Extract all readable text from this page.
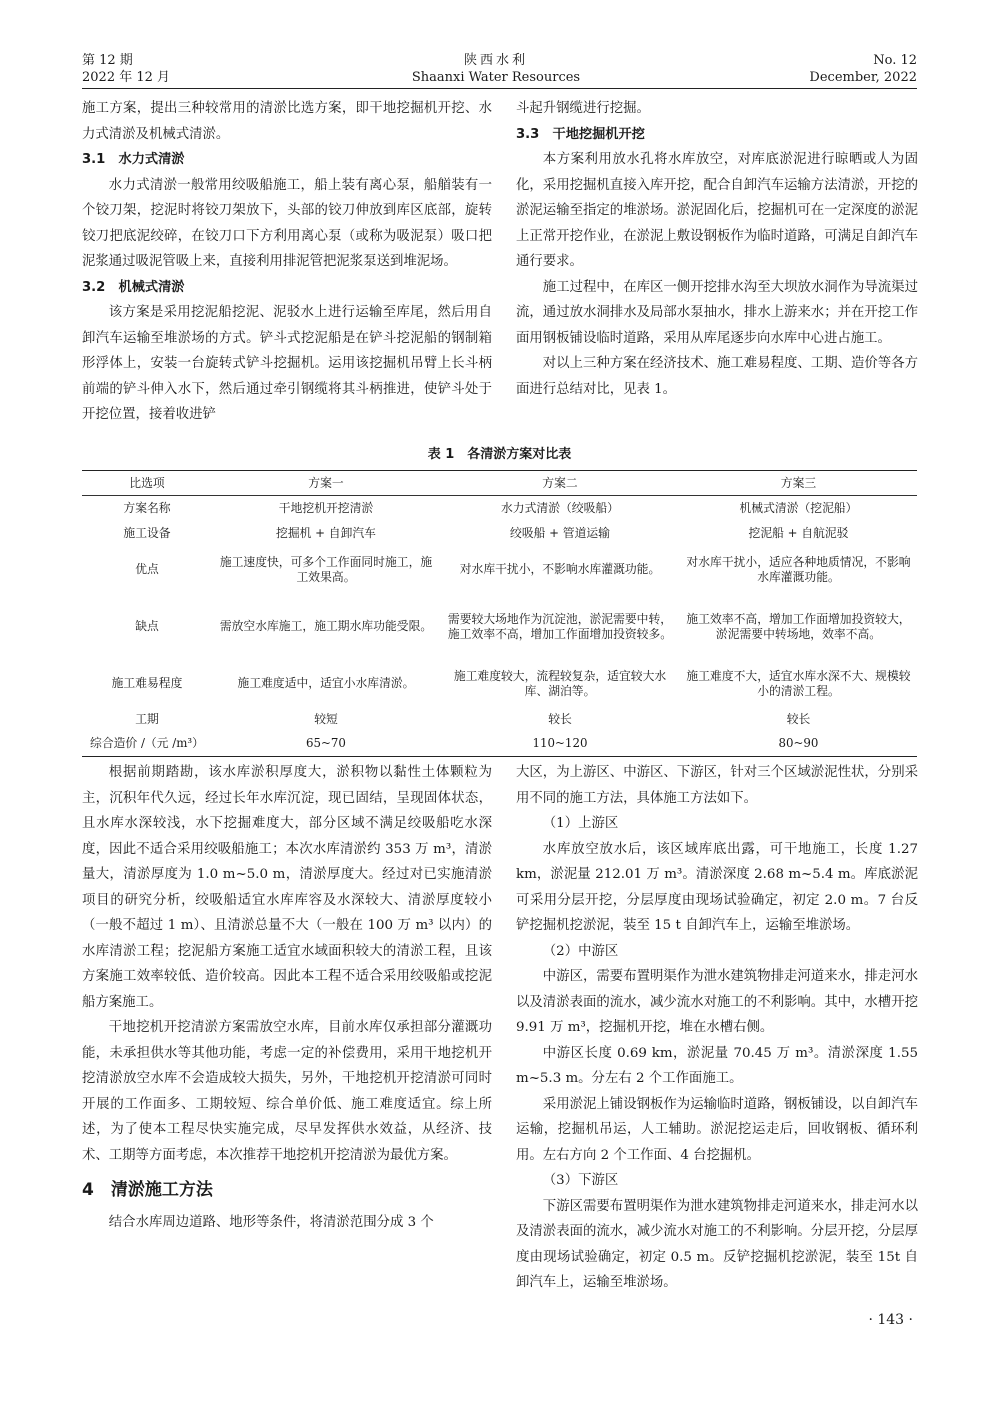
第 12 期
2022 年 12 月
陕西水利
Shaanxi Water Resources
No. 12
December, 2022

施工方案，提出三种较常用的清淤比选方案，即干地挖掘机开挖、水力式清淤及机械式清淤。

3.1　水力式清淤

水力式清淤一般常用绞吸船施工，船上装有离心泵，船艏装有一个铰刀架，挖泥时将铰刀架放下，头部的铰刀伸放到库区底部，旋转铰刀把底泥绞碎，在铰刀口下方利用离心泵（或称为吸泥泵）吸口把泥浆通过吸泥管吸上来，直接利用排泥管把泥浆泵送到堆泥场。

3.2　机械式清淤

该方案是采用挖泥船挖泥、泥驳水上进行运输至库尾，然后用自卸汽车运输至堆淤场的方式。铲斗式挖泥船是在铲斗挖泥船的钢制箱形浮体上，安装一台旋转式铲斗挖掘机。运用该挖掘机吊臂上长斗柄前端的铲斗伸入水下，然后通过牵引钢缆将其斗柄推进，使铲斗处于开挖位置，接着收进铲

斗起升钢缆进行挖掘。

3.3　干地挖掘机开挖

本方案利用放水孔将水库放空，对库底淤泥进行晾晒或人为固化，采用挖掘机直接入库开挖，配合自卸汽车运输方法清淤，开挖的淤泥运输至指定的堆淤场。淤泥固化后，挖掘机可在一定深度的淤泥上正常开挖作业，在淤泥上敷设钢板作为临时道路，可满足自卸汽车通行要求。

施工过程中，在库区一侧开挖排水沟至大坝放水洞作为导流渠过流，通过放水洞排水及局部水泵抽水，排水上游来水；并在开挖工作面用钢板铺设临时道路，采用从库尾逐步向水库中心进占施工。

对以上三种方案在经济技术、施工难易程度、工期、造价等各方面进行总结对比，见表 1。

表 1　各清淤方案对比表
比选项	方案一	方案二	方案三
方案名称	干地挖机开挖清淤	水力式清淤（绞吸船）	机械式清淤（挖泥船）
施工设备	挖掘机 + 自卸汽车	绞吸船 + 管道运输	挖泥船 + 自航泥驳
优点	施工速度快，可多个工作面同时施工，施工效果高。	对水库干扰小，不影响水库灌溉功能。	对水库干扰小，适应各种地质情况，不影响水库灌溉功能。
缺点	需放空水库施工，施工期水库功能受限。	需要较大场地作为沉淀池，淤泥需要中转，施工效率不高，增加工作面增加投资较多。	施工效率不高，增加工作面增加投资较大，淤泥需要中转场地，效率不高。
施工难易程度	施工难度适中，适宜小水库清淤。	施工难度较大，流程较复杂，适宜较大水库、湖泊等。	施工难度不大，适宜水库水深不大、规模较小的清淤工程。
工期	较短	较长	较长
综合造价 /（元 /m³）	65~70	110~120	80~90

根据前期踏勘，该水库淤积厚度大，淤积物以黏性土体颗粒为主，沉积年代久远，经过长年水库沉淀，现已固结，呈现固体状态，且水库水深较浅，水下挖掘难度大，部分区域不满足绞吸船吃水深度，因此不适合采用绞吸船施工；本次水库清淤约 353 万 m³，清淤量大，清淤厚度为 1.0 m~5.0 m，清淤厚度大。经过对已实施清淤项目的研究分析，绞吸船适宜水库库容及水深较大、清淤厚度较小（一般不超过 1 m）、且清淤总量不大（一般在 100 万 m³ 以内）的水库清淤工程；挖泥船方案施工适宜水域面积较大的清淤工程，且该方案施工效率较低、造价较高。因此本工程不适合采用绞吸船或挖泥船方案施工。

干地挖机开挖清淤方案需放空水库，目前水库仅承担部分灌溉功能，未承担供水等其他功能，考虑一定的补偿费用，采用干地挖机开挖清淤放空水库不会造成较大损失，另外，干地挖机开挖清淤可同时开展的工作面多、工期较短、综合单价低、施工难度适宜。综上所述，为了使本工程尽快实施完成，尽早发挥供水效益，从经济、技术、工期等方面考虑，本次推荐干地挖机开挖清淤为最优方案。

4　清淤施工方法

结合水库周边道路、地形等条件，将清淤范围分成 3 个

大区，为上游区、中游区、下游区，针对三个区域淤泥性状，分别采用不同的施工方法，具体施工方法如下。

（1）上游区

水库放空放水后，该区域库底出露，可干地施工，长度 1.27 km，淤泥量 212.01 万 m³。清淤深度 2.68 m~5.4 m。库底淤泥可采用分层开挖，分层厚度由现场试验确定，初定 2.0 m。7 台反铲挖掘机挖淤泥，装至 15 t 自卸汽车上，运输至堆淤场。

（2）中游区

中游区，需要布置明渠作为泄水建筑物排走河道来水，排走河水以及清淤表面的流水，减少流水对施工的不利影响。其中，水槽开挖 9.91 万 m³，挖掘机开挖，堆在水槽右侧。

中游区长度 0.69 km，淤泥量 70.45 万 m³。清淤深度 1.55 m~5.3 m。分左右 2 个工作面施工。

采用淤泥上铺设钢板作为运输临时道路，钢板铺设，以自卸汽车运输，挖掘机吊运，人工辅助。淤泥挖运走后，回收钢板、循环利用。左右方向 2 个工作面、4 台挖掘机。

（3）下游区

下游区需要布置明渠作为泄水建筑物排走河道来水，排走河水以及清淤表面的流水，减少流水对施工的不利影响。分层开挖，分层厚度由现场试验确定，初定 0.5 m。反铲挖掘机挖淤泥，装至 15t 自卸汽车上，运输至堆淤场。

· 143 ·
